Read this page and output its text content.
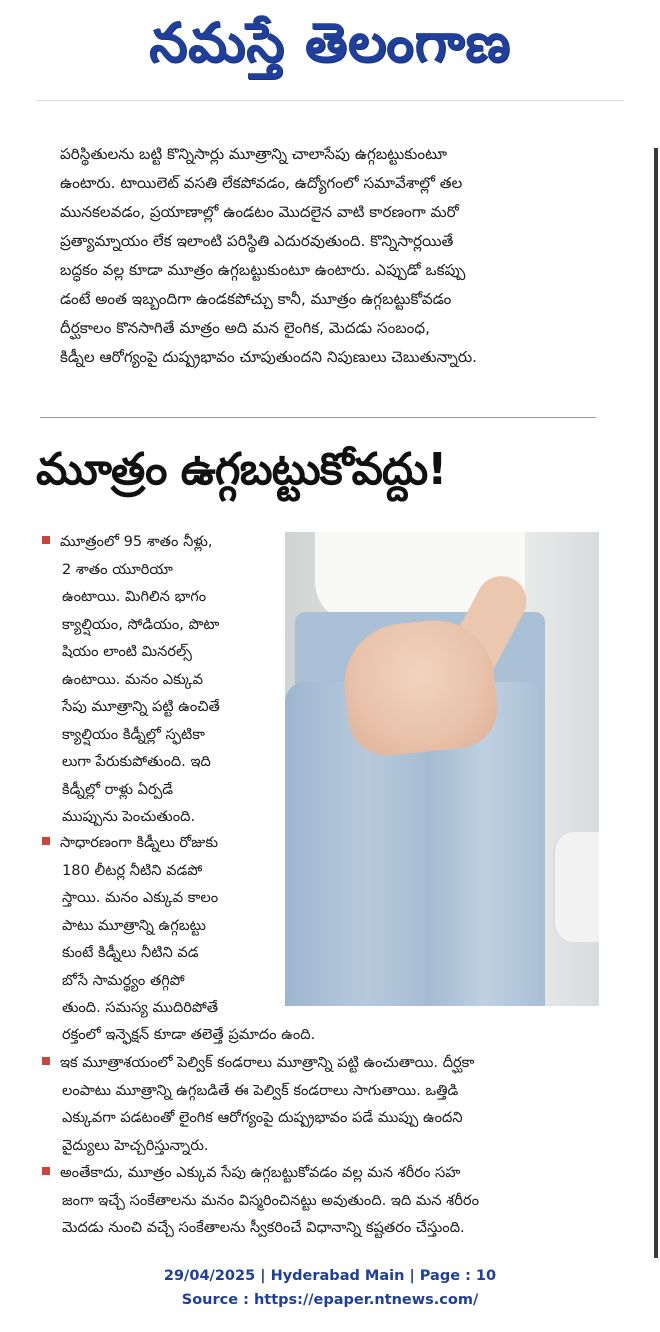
నమస్తే తెలంగాణ

పరిస్థితులను బట్టి కొన్నిసార్లు మూత్రాన్ని చాలాసేపు ఉగ్గబట్టుకుంటూ
ఉంటారు. టాయిలెట్ వసతి లేకపోవడం, ఉద్యోగంలో సమావేశాల్లో తల
మునకలవడం, ప్రయాణాల్లో ఉండటం మొదలైన వాటి కారణంగా మరో
ప్రత్యామ్నాయం లేక ఇలాంటి పరిస్థితి ఎదురవుతుంది. కొన్నిసార్లయితే
బద్ధకం వల్ల కూడా మూత్రం ఉగ్గబట్టుకుంటూ ఉంటారు. ఎప్పుడో ఒకప్పు
డంటే అంత ఇబ్బందిగా ఉండకపోచ్చు కానీ, మూత్రం ఉగ్గబట్టుకోవడం
దీర్ఘకాలం కొనసాగితే మాత్రం అది మన లైంగిక, మెదడు సంబంధ,
కిడ్నీల ఆరోగ్యంపై దుష్ప్రభావం చూపుతుందని నిపుణులు చెబుతున్నారు.

మూత్రం ఉగ్గబట్టుకోవద్దు!

మూత్రంలో 95 శాతం నీళ్లు,
2 శాతం యూరియా
ఉంటాయి. మిగిలిన భాగం
క్యాల్షియం, సోడియం, పొటా
షియం లాంటి మినరల్స్
ఉంటాయి. మనం ఎక్కువ
సేపు మూత్రాన్ని పట్టి ఉంచితే
క్యాల్షియం కిడ్నీల్లో స్ఫటికా
లుగా పేరుకుపోతుంది. ఇది
కిడ్నీల్లో రాళ్లు ఏర్పడే
ముప్పును పెంచుతుంది.

సాధారణంగా కిడ్నీలు రోజుకు
180 లీటర్ల నీటిని వడపో
స్తాయి. మనం ఎక్కువ కాలం
పాటు మూత్రాన్ని ఉగ్గబట్టు
కుంటే కిడ్నీలు నీటిని వడ
బోసే సామర్థ్యం తగ్గిపో
తుంది. సమస్య ముదిరిపోతే

రక్తంలో ఇన్ఫెక్షన్ కూడా తలెత్తే ప్రమాదం ఉంది.

ఇక మూత్రాశయంలో పెల్విక్ కండరాలు మూత్రాన్ని పట్టి ఉంచుతాయి. దీర్ఘకా
లంపాటు మూత్రాన్ని ఉగ్గబడితే ఈ పెల్విక్ కండరాలు సాగుతాయి. ఒత్తిడి
ఎక్కువగా పడటంతో లైంగిక ఆరోగ్యంపై దుష్ప్రభావం పడే ముప్పు ఉందని
వైద్యులు హెచ్చరిస్తున్నారు.

అంతేకాదు, మూత్రం ఎక్కువ సేపు ఉగ్గబట్టుకోవడం వల్ల మన శరీరం సహ
జంగా ఇచ్చే సంకేతాలను మనం విస్మరించినట్టు అవుతుంది. ఇది మన శరీరం
మెదడు నుంచి వచ్చే సంకేతాలను స్వీకరించే విధానాన్ని కష్టతరం చేస్తుంది.

29/04/2025 | Hyderabad Main | Page : 10
Source : https://epaper.ntnews.com/
